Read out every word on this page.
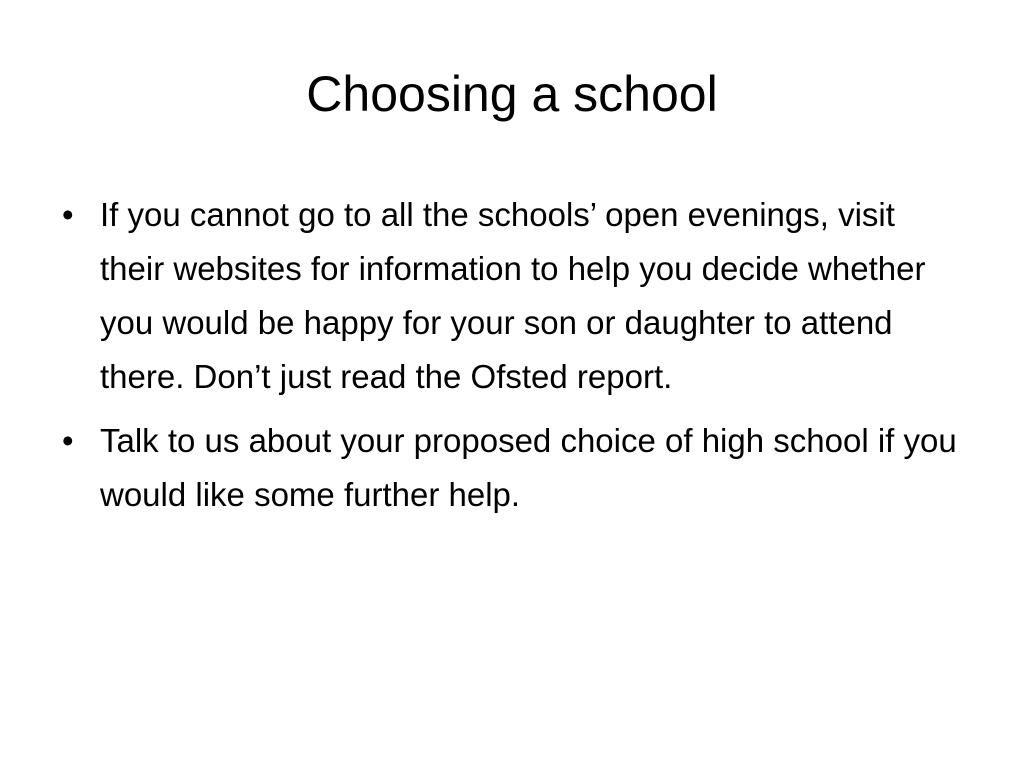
Choosing a school
• If you cannot go to all the schools’ open evenings, visit their websites for information to help you decide whether you would be happy for your son or daughter to attend there. Don’t just read the Ofsted report.
• Talk to us about your proposed choice of high school if you would like some further help.
